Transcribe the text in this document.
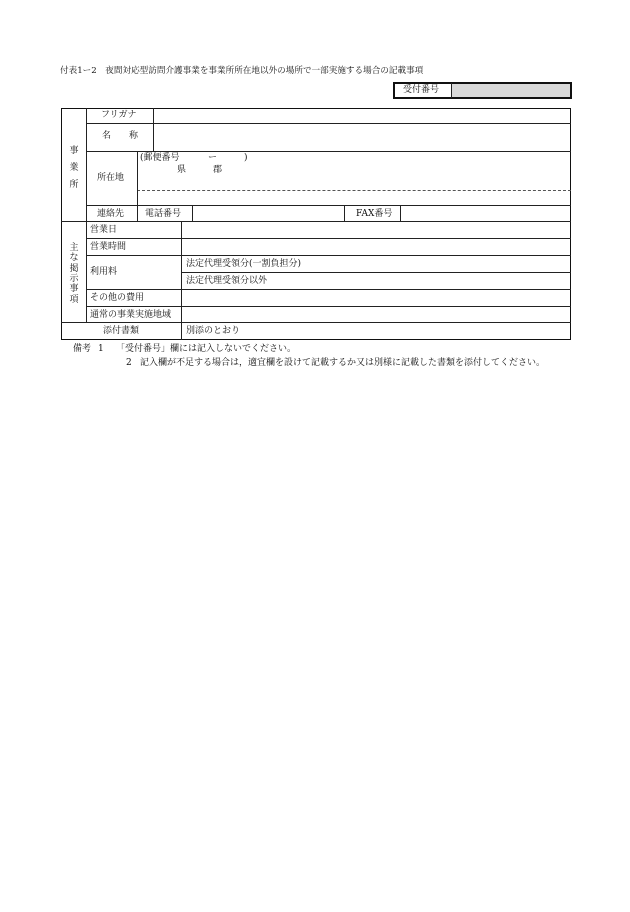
付表1ー2　夜間対応型訪問介護事業を事業所所在地以外の場所で一部実施する場合の記載事項
受付番号
事
業
所
フリガナ
名　　称
所在地
(郵便番号	ー	)
県	郡
連絡先 電話番号	FAX番号
主
な
掲
示
事
項
営業日
営業時間
利用料
法定代理受領分(一割負担分)
法定代理受領分以外
その他の費用
通常の事業実施地域
添付書類	別添のとおり
備考 1 「受付番号」欄には記入しないでください。
2 記入欄が不足する場合は，適宜欄を設けて記載するか又は別様に記載した書類を添付してください。
